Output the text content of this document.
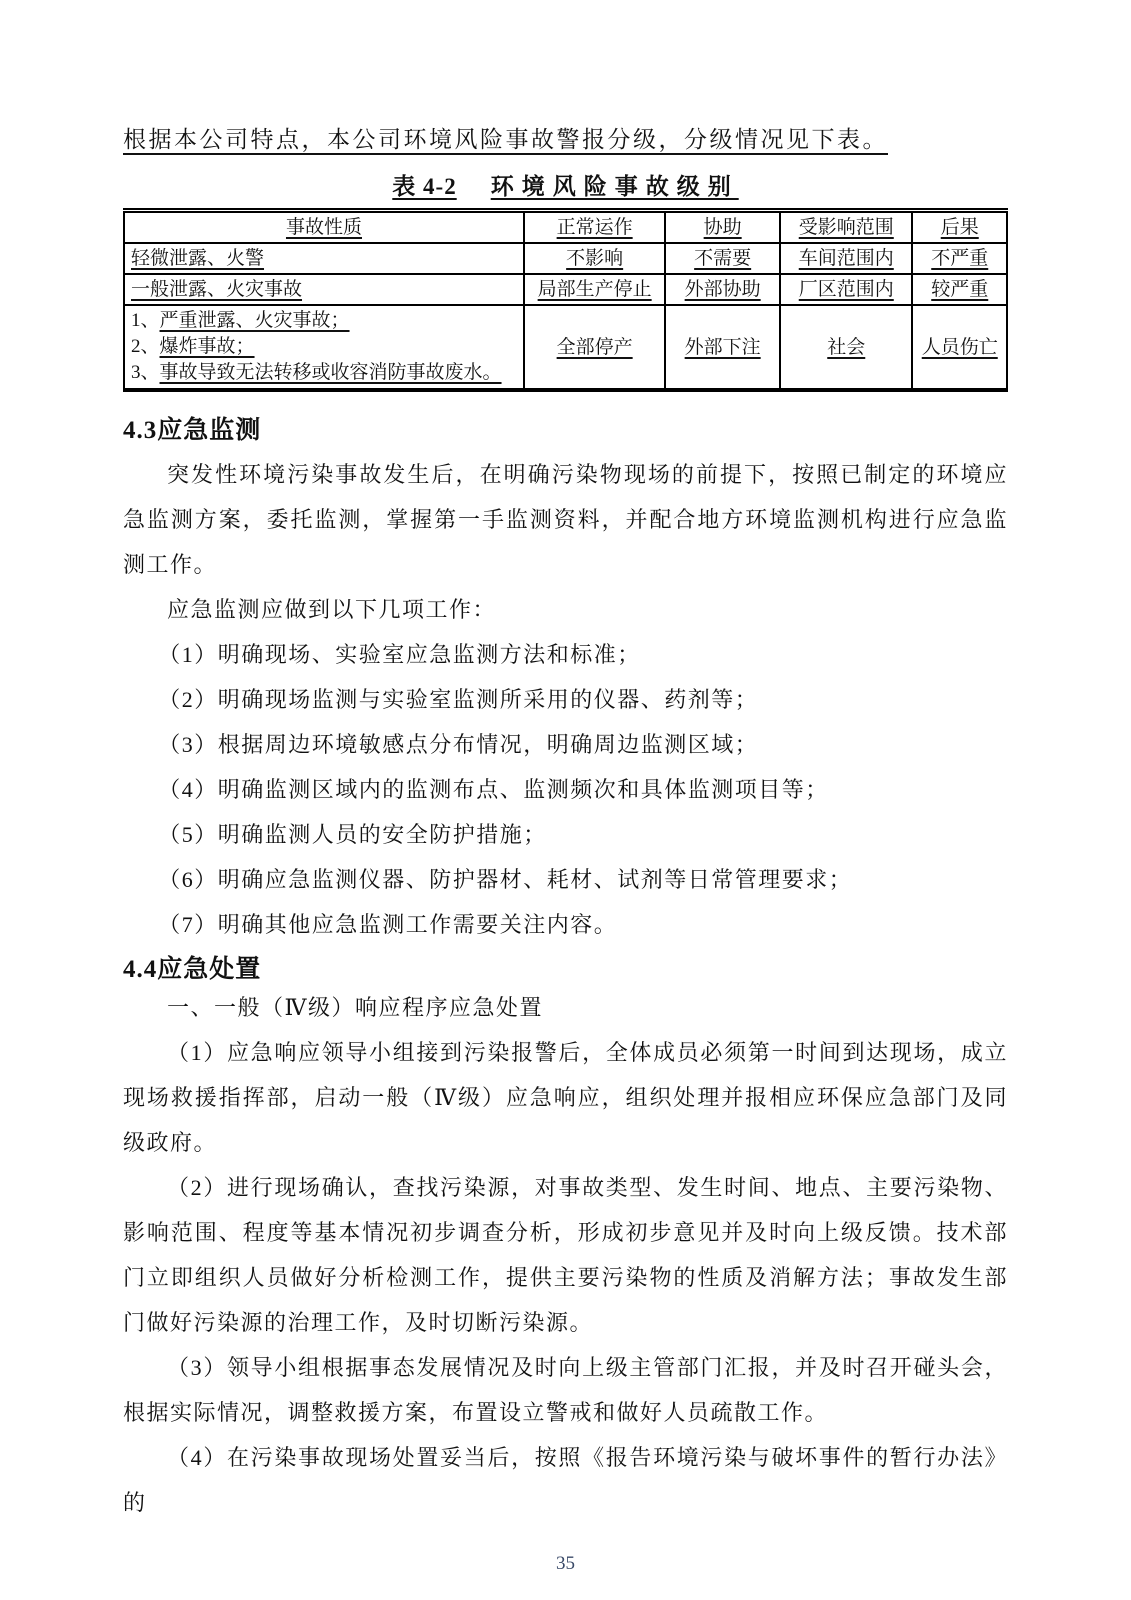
根据本公司特点，本公司环境风险事故警报分级，分级情况见下表。

表 4-2 环境风险事故级别
事故性质	正常运作	协助	受影响范围	后果
轻微泄露、火警	不影响	不需要	车间范围内	不严重
一般泄露、火灾事故	局部生产停止	外部协助	厂区范围内	较严重

1、严重泄露、火灾事故；
2、爆炸事故；
3、事故导致无法转移或收容消防事故废水。	全部停产	外部下注	社会	人员伤亡
4.3应急监测

突发性环境污染事故发生后，在明确污染物现场的前提下，按照已制定的环境应急监测方案，委托监测，掌握第一手监测资料，并配合地方环境监测机构进行应急监测工作。

应急监测应做到以下几项工作：

（1）明确现场、实验室应急监测方法和标准；

（2）明确现场监测与实验室监测所采用的仪器、药剂等；

（3）根据周边环境敏感点分布情况，明确周边监测区域；

（4）明确监测区域内的监测布点、监测频次和具体监测项目等；

（5）明确监测人员的安全防护措施；

（6）明确应急监测仪器、防护器材、耗材、试剂等日常管理要求；

（7）明确其他应急监测工作需要关注内容。

4.4应急处置

一、一般（Ⅳ级）响应程序应急处置

（1）应急响应领导小组接到污染报警后，全体成员必须第一时间到达现场，成立现场救援指挥部，启动一般（Ⅳ级）应急响应，组织处理并报相应环保应急部门及同级政府。

（2）进行现场确认，查找污染源，对事故类型、发生时间、地点、主要污染物、影响范围、程度等基本情况初步调查分析，形成初步意见并及时向上级反馈。技术部门立即组织人员做好分析检测工作，提供主要污染物的性质及消解方法；事故发生部门做好污染源的治理工作，及时切断污染源。

（3）领导小组根据事态发展情况及时向上级主管部门汇报，并及时召开碰头会，根据实际情况，调整救援方案，布置设立警戒和做好人员疏散工作。

（4）在污染事故现场处置妥当后，按照《报告环境污染与破坏事件的暂行办法》的

35
